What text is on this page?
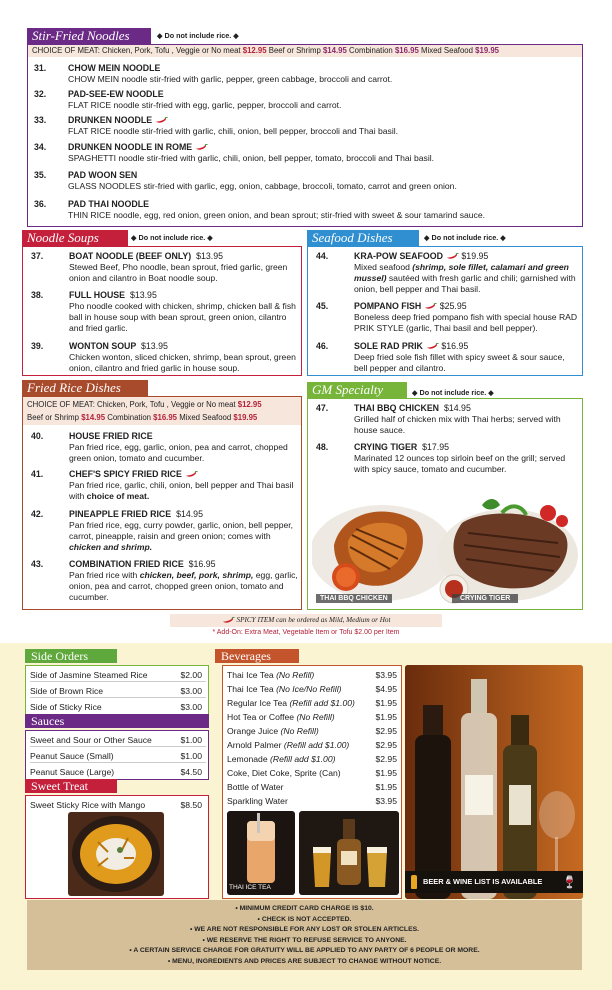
Stir-Fried Noodles	◆ Do not include rice. ◆
CHOICE OF MEAT: Chicken, Pork, Tofu , Veggie or No meat $12.95 Beef or Shrimp $14.95 Combination $16.95 Mixed Seafood $19.95
31. CHOW MEIN NOODLE
CHOW MEIN noodle stir-fried with garlic, pepper, green cabbage, broccoli and carrot.
32. PAD-SEE-EW NOODLE
FLAT RICE noodle stir-fried with egg, garlic, pepper, broccoli and carrot.
33. DRUNKEN NOODLE
FLAT RICE noodle stir-fried with garlic, chili, onion, bell pepper, broccoli and Thai basil.
34. DRUNKEN NOODLE IN ROME
SPAGHETTI noodle stir-fried with garlic, chili, onion, bell pepper, tomato, broccoli and Thai basil.
35. PAD WOON SEN
GLASS NOODLES stir-fried with garlic, egg, onion, cabbage, broccoli, tomato, carrot and green onion.
36. PAD THAI NOODLE
THIN RICE noodle, egg, red onion, green onion, and bean sprout; stir-fried with sweet & sour tamarind sauce.
Noodle Soups	◆ Do not include rice. ◆
37.	BOAT NOODLE (BEEF ONLY) $13.95
Stewed Beef, Pho noodle, bean sprout, fried garlic, green onion and cilantro in Boat noodle soup.
38.	FULL HOUSE $13.95
Pho noodle cooked with chicken, shrimp, chicken ball & fish ball in house soup with bean sprout, green onion, cilantro and fried garlic.
39.	WONTON SOUP $13.95
Chicken wonton, sliced chicken, shrimp, bean sprout, green onion, cilantro and fried garlic in house soup.
Seafood Dishes	◆ Do not include rice. ◆
44.	KRA-POW SEAFOOD $19.95
Mixed seafood (shrimp, sole fillet, calamari and green mussel) sautéed with fresh garlic and chili; garnished with onion, bell pepper and Thai basil.
45.	POMPANO FISH $25.95
Boneless deep fried pompano fish with special house RAD PRIK STYLE (garlic, Thai basil and bell pepper).
46.	SOLE RAD PRIK $16.95
Deep fried sole fish fillet with spicy sweet & sour sauce, bell pepper and cilantro.
Fried Rice Dishes
CHOICE OF MEAT: Chicken, Pork, Tofu , Veggie or No meat $12.95
Beef or Shrimp $14.95 Combination $16.95 Mixed Seafood $19.95
40.	HOUSE FRIED RICE
Pan fried rice, egg, garlic, onion, pea and carrot, chopped green onion, tomato and cucumber.
41.	CHEF'S SPICY FRIED RICE
Pan fried rice, garlic, chili, onion, bell pepper and Thai basil with choice of meat.
42.	PINEAPPLE FRIED RICE $14.95
Pan fried rice, egg, curry powder, garlic, onion, bell pepper, carrot, pineapple, raisin and green onion; comes with chicken and shrimp.
43.	COMBINATION FRIED RICE $16.95
Pan fried rice with chicken, beef, pork, shrimp, egg, garlic, onion, pea and carrot, chopped green onion, tomato and cucumber.
GM Specialty	◆ Do not include rice. ◆
47.	THAI BBQ CHICKEN $14.95
Grilled half of chicken mix with Thai herbs; served with house sauce.
48.	CRYING TIGER $17.95
Marinated 12 ounces top sirloin beef on the grill; served with spicy sauce, tomato and cucumber.
THAI BBQ CHICKEN	CRYING TIGER
SPICY ITEM can be ordered as Mild, Medium or Hot
* Add-On: Extra Meat, Vegetable Item or Tofu $2.00 per Item
Side Orders
Side of Jasmine Steamed Rice	$2.00
Side of Brown Rice	$3.00
Side of Sticky Rice	$3.00
Sauces
Sweet and Sour or Other Sauce	$1.00
Peanut Sauce (Small)	$1.00
Peanut Sauce (Large)	$4.50
Sweet Treat
Sweet Sticky Rice with Mango	$8.50
Beverages
Thai Ice Tea (No Refill)	$3.95
Thai Ice Tea (No Ice/No Refill)	$4.95
Regular Ice Tea (Refill add $1.00) $1.95
Hot Tea or Coffee (No Refill)	$1.95
Orange Juice (No Refill)	$2.95
Arnold Palmer (Refill add $1.00)	$2.95
Lemonade (Refill add $1.00)	$2.95
Coke, Diet Coke, Sprite (Can)	$1.95
Bottle of Water	$1.95
Sparkling Water	$3.95
THAI ICE TEA
BEER & WINE LIST IS AVAILABLE 🍷
• MINIMUM CREDIT CARD CHARGE IS $10.
• CHECK IS NOT ACCEPTED.
• WE ARE NOT RESPONSIBLE FOR ANY LOST OR STOLEN ARTICLES.
• WE RESERVE THE RIGHT TO REFUSE SERVICE TO ANYONE.
• A CERTAIN SERVICE CHARGE FOR GRATUITY WILL BE APPLIED TO ANY PARTY OF 6 PEOPLE OR MORE.
• MENU, INGREDIENTS AND PRICES ARE SUBJECT TO CHANGE WITHOUT NOTICE.
